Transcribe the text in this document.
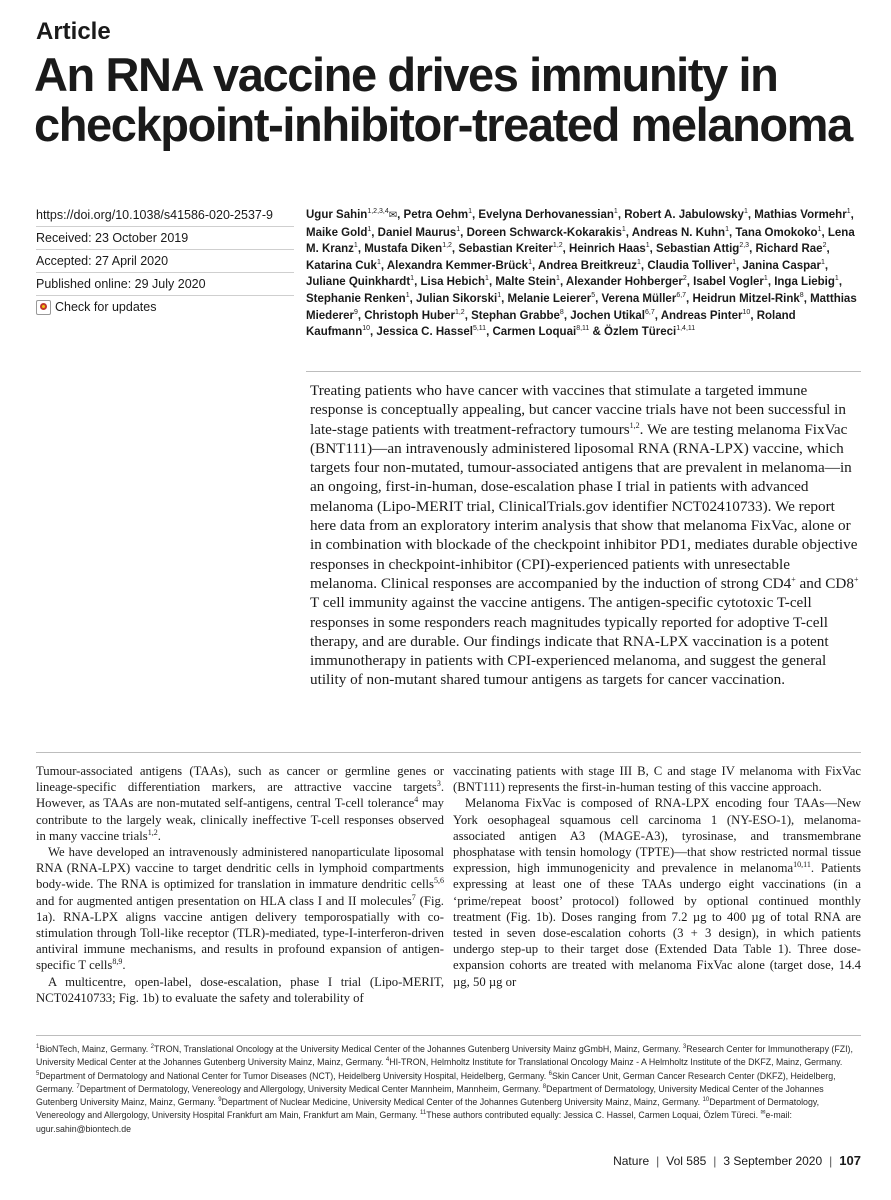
Article
An RNA vaccine drives immunity in checkpoint-inhibitor-treated melanoma
https://doi.org/10.1038/s41586-020-2537-9
Received: 23 October 2019
Accepted: 27 April 2020
Published online: 29 July 2020
Check for updates
Ugur Sahin$^{1,2,3,4}$✉, Petra Oehm$^1$, Evelyna Derhovanessian$^1$, Robert A. Jabulowsky$^1$, Mathias Vormehr$^1$, Maike Gold$^1$, Daniel Maurus$^1$, Doreen Schwarck-Kokarakis$^1$, Andreas N. Kuhn$^1$, Tana Omokoko$^1$, Lena M. Kranz$^1$, Mustafa Diken$^{1,2}$, Sebastian Kreiter$^{1,2}$, Heinrich Haas$^1$, Sebastian Attig$^{2,3}$, Richard Rae$^2$, Katarina Cuk$^1$, Alexandra Kemmer-Brück$^1$, Andrea Breitkreuz$^1$, Claudia Tolliver$^1$, Janina Caspar$^1$, Juliane Quinkhardt$^1$, Lisa Hebich$^1$, Malte Stein$^1$, Alexander Hohberger$^2$, Isabel Vogler$^1$, Inga Liebig$^1$, Stephanie Renken$^1$, Julian Sikorski$^1$, Melanie Leierer$^5$, Verena Müller$^{6,7}$, Heidrun Mitzel-Rink$^8$, Matthias Miederer$^9$, Christoph Huber$^{1,2}$, Stephan Grabbe$^8$, Jochen Utikal$^{6,7}$, Andreas Pinter$^{10}$, Roland Kaufmann$^{10}$, Jessica C. Hassel$^{5,11}$, Carmen Loquai$^{8,11}$ & Özlem Türeci$^{1,4,11}$

Treating patients who have cancer with vaccines that stimulate a targeted immune response is conceptually appealing, but cancer vaccine trials have not been successful in late-stage patients with treatment-refractory tumours$^{1,2}$. We are testing melanoma FixVac (BNT111)—an intravenously administered liposomal RNA (RNA-LPX) vaccine, which targets four non-mutated, tumour-associated antigens that are prevalent in melanoma—in an ongoing, first-in-human, dose-escalation phase I trial in patients with advanced melanoma (Lipo-MERIT trial, ClinicalTrials.gov identifier NCT02410733). We report here data from an exploratory interim analysis that show that melanoma FixVac, alone or in combination with blockade of the checkpoint inhibitor PD1, mediates durable objective responses in checkpoint-inhibitor (CPI)-experienced patients with unresectable melanoma. Clinical responses are accompanied by the induction of strong CD4+ and CD8+ T cell immunity against the vaccine antigens. The antigen-specific cytotoxic T-cell responses in some responders reach magnitudes typically reported for adoptive T-cell therapy, and are durable. Our findings indicate that RNA-LPX vaccination is a potent immunotherapy in patients with CPI-experienced melanoma, and suggest the general utility of non-mutant shared tumour antigens as targets for cancer vaccination.

Tumour-associated antigens (TAAs), such as cancer or germline genes or lineage-specific differentiation markers, are attractive vaccine targets$^3$. However, as TAAs are non-mutated self-antigens, central T-cell tolerance$^4$ may contribute to the largely weak, clinically ineffective T-cell responses observed in many vaccine trials$^{1,2}$.

We have developed an intravenously administered nanoparticulate liposomal RNA (RNA-LPX) vaccine to target dendritic cells in lymphoid compartments body-wide. The RNA is optimized for translation in immature dendritic cells$^{5,6}$ and for augmented antigen presentation on HLA class I and II molecules$^7$ (Fig. 1a). RNA-LPX aligns vaccine antigen delivery temporospatially with co-stimulation through Toll-like receptor (TLR)-mediated, type-I-interferon-driven antiviral immune mechanisms, and results in profound expansion of antigen-specific T cells$^{8,9}$.

A multicentre, open-label, dose-escalation, phase I trial (Lipo-MERIT, NCT02410733; Fig. 1b) to evaluate the safety and tolerability of

vaccinating patients with stage III B, C and stage IV melanoma with FixVac (BNT111) represents the first-in-human testing of this vaccine approach.

Melanoma FixVac is composed of RNA-LPX encoding four TAAs—New York oesophageal squamous cell carcinoma 1 (NY-ESO-1), melanoma-associated antigen A3 (MAGE-A3), tyrosinase, and transmembrane phosphatase with tensin homology (TPTE)—that show restricted normal tissue expression, high immunogenicity and prevalence in melanoma$^{10,11}$. Patients expressing at least one of these TAAs undergo eight vaccinations (in a ‘prime/repeat boost’ protocol) followed by optional continued monthly treatment (Fig. 1b). Doses ranging from 7.2 µg to 400 µg of total RNA are tested in seven dose-escalation cohorts (3 + 3 design), in which patients undergo step-up to their target dose (Extended Data Table 1). Three dose-expansion cohorts are treated with melanoma FixVac alone (target dose, 14.4 µg, 50 µg or

$^1$BioNTech, Mainz, Germany. $^2$TRON, Translational Oncology at the University Medical Center of the Johannes Gutenberg University Mainz gGmbH, Mainz, Germany. $^3$Research Center for Immunotherapy (FZI), University Medical Center at the Johannes Gutenberg University Mainz, Mainz, Germany. $^4$HI-TRON, Helmholtz Institute for Translational Oncology Mainz - A Helmholtz Institute of the DKFZ, Mainz, Germany. $^5$Department of Dermatology and National Center for Tumor Diseases (NCT), Heidelberg University Hospital, Heidelberg, Germany. $^6$Skin Cancer Unit, German Cancer Research Center (DKFZ), Heidelberg, Germany. $^7$Department of Dermatology, Venereology and Allergology, University Medical Center Mannheim, Mannheim, Germany. $^8$Department of Dermatology, University Medical Center of the Johannes Gutenberg University Mainz, Mainz, Germany. $^9$Department of Nuclear Medicine, University Medical Center of the Johannes Gutenberg University Mainz, Mainz, Germany. $^{10}$Department of Dermatology, Venereology and Allergology, University Hospital Frankfurt am Main, Frankfurt am Main, Germany. $^{11}$These authors contributed equally: Jessica C. Hassel, Carmen Loquai, Özlem Türeci. ✉e-mail: ugur.sahin@biontech.de

Nature | Vol 585 | 3 September 2020 | 107
